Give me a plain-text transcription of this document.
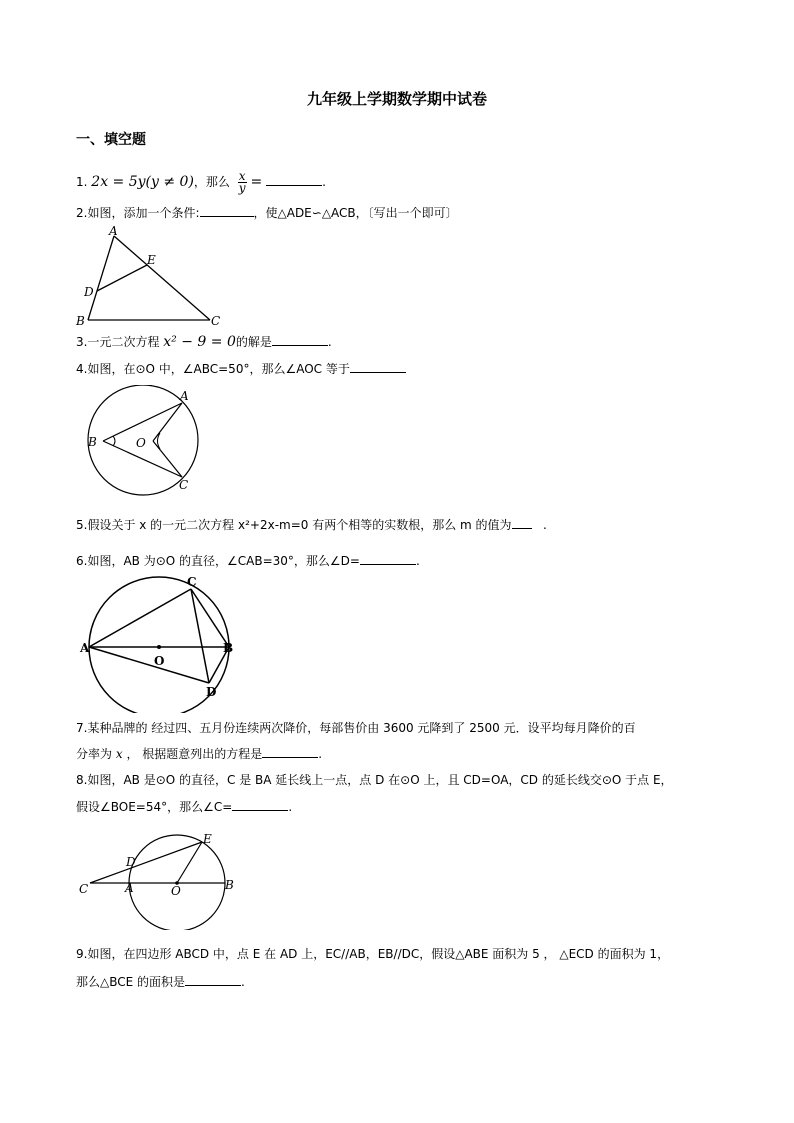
九年级上学期数学期中试卷
一、填空题
1. 2x = 5y(y ≠ 0)，那么 $\frac{x}{y}$ =	.
2.如图，添加一个条件:	，使△ADE∽△ACB，〔写出一个即可〕
A
E
D
B	C
3.一元二次方程 x² − 9 = 0的解是	.
4.如图，在⊙O 中，∠ABC=50°，那么∠AOC 等于
A
B	O
C
5.假设关于 x 的一元二次方程 x²+2x-m=0 有两个相等的实数根，那么 m 的值为	.
6.如图，AB 为⊙O 的直径，∠CAB=30°，那么∠D=	.
C
A
O
B
D
7.某种品牌的 经过四、五月份连续两次降价，每部售价由 3600 元降到了 2500 元．设平均每月降价的百
分率为 x ， 根据题意列出的方程是	.
8.如图，AB 是⊙O 的直径，C 是 BA 延长线上一点，点 D 在⊙O 上，且 CD=OA，CD 的延长线交⊙O 于点 E，
假设∠BOE=54°，那么∠C=	.
E
D
C	A	O	B
9.如图，在四边形 ABCD 中，点 E 在 AD 上，EC//AB，EB//DC，假设△ABE 面积为 5 ， △ECD 的面积为 1，
那么△BCE 的面积是	.
